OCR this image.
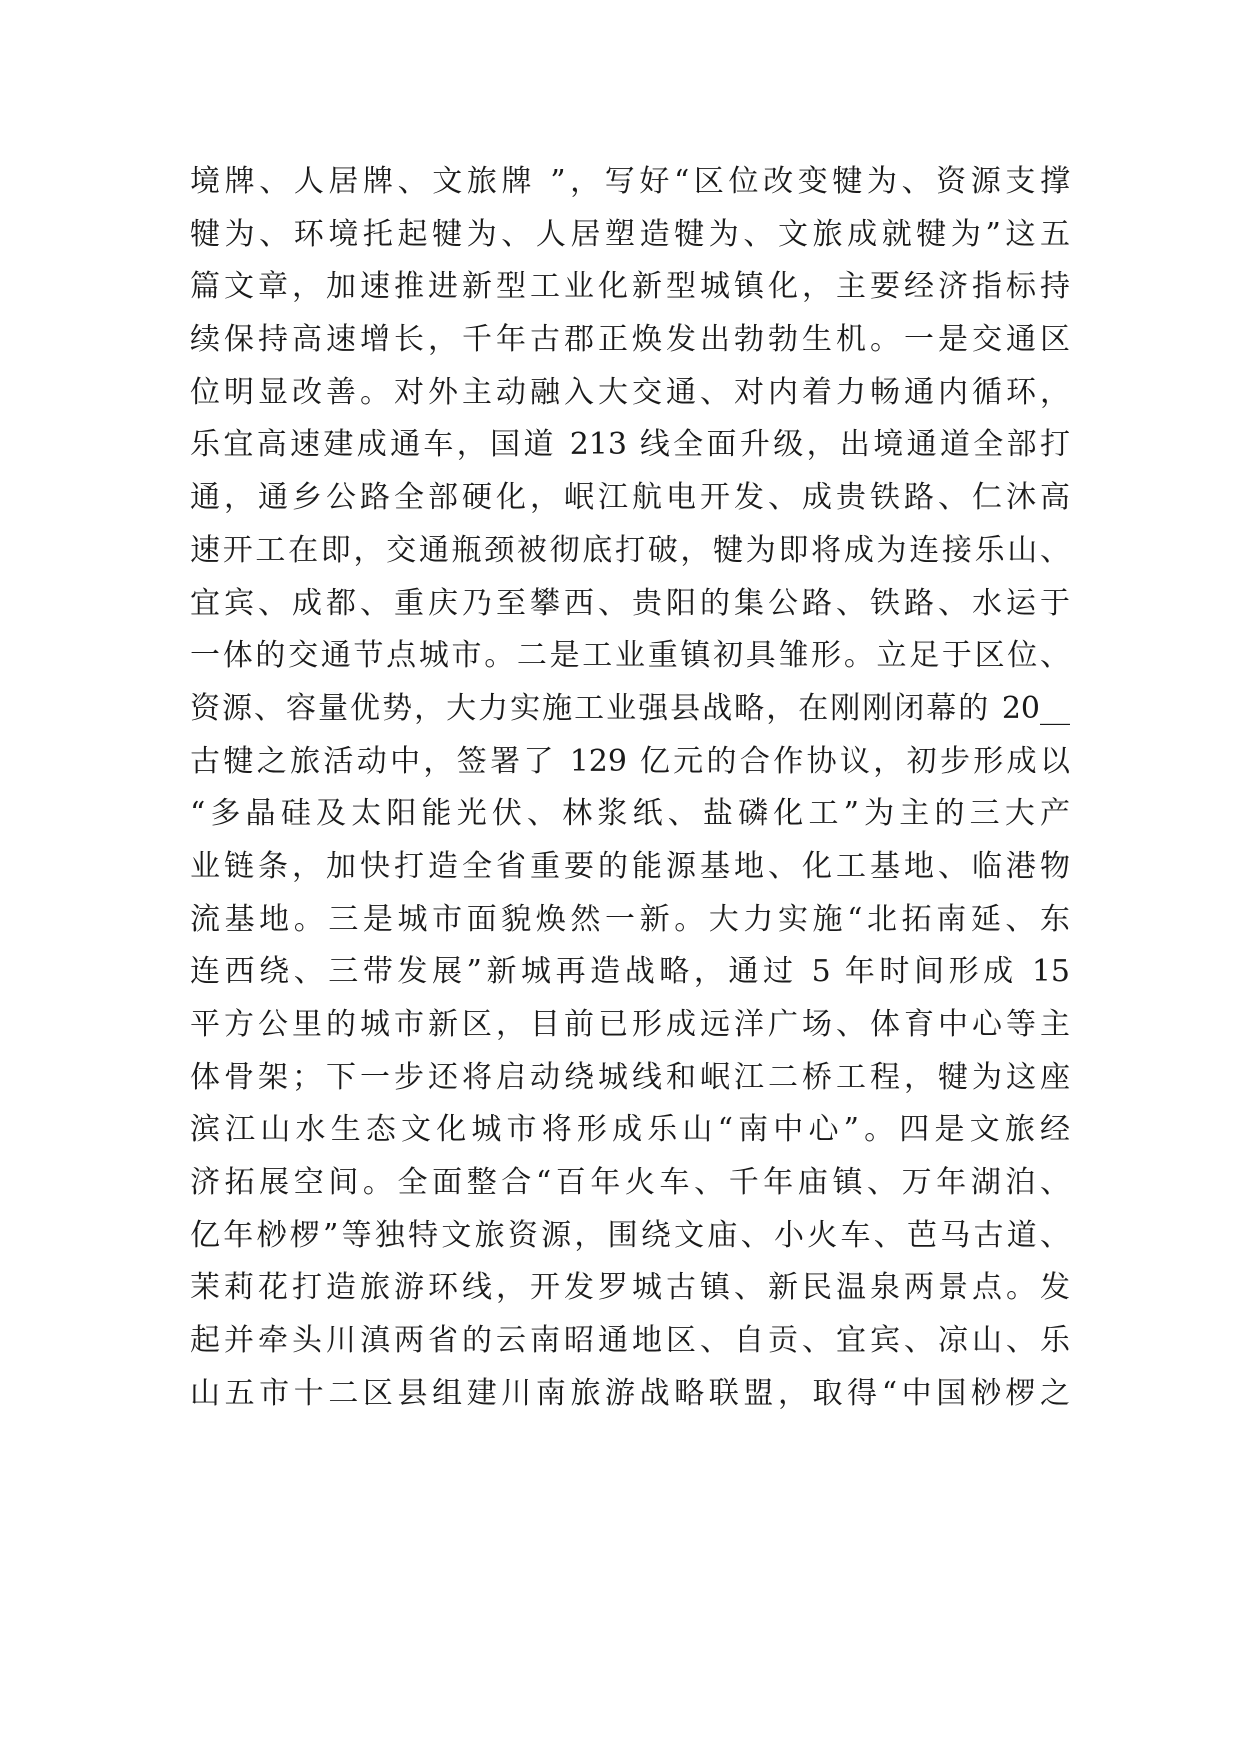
境牌、人居牌、文旅牌 ”，写好“区位改变犍为、资源支撑
犍为、环境托起犍为、人居塑造犍为、文旅成就犍为”这五
篇文章，加速推进新型工业化新型城镇化，主要经济指标持
续保持高速增长，千年古郡正焕发出勃勃生机。一是交通区
位明显改善。对外主动融入大交通、对内着力畅通内循环，
乐宜高速建成通车，国道 213 线全面升级，出境通道全部打
通，通乡公路全部硬化，岷江航电开发、成贵铁路、仁沐高
速开工在即，交通瓶颈被彻底打破，犍为即将成为连接乐山、
宜宾、成都、重庆乃至攀西、贵阳的集公路、铁路、水运于
一体的交通节点城市。二是工业重镇初具雏形。立足于区位、
资源、容量优势，大力实施工业强县战略，在刚刚闭幕的 20__
古犍之旅活动中，签署了 129 亿元的合作协议，初步形成以
“多晶硅及太阳能光伏、林浆纸、盐磷化工”为主的三大产
业链条，加快打造全省重要的能源基地、化工基地、临港物
流基地。三是城市面貌焕然一新。大力实施“北拓南延、东
连西绕、三带发展”新城再造战略，通过 5 年时间形成 15
平方公里的城市新区，目前已形成远洋广场、体育中心等主
体骨架；下一步还将启动绕城线和岷江二桥工程，犍为这座
滨江山水生态文化城市将形成乐山“南中心”。四是文旅经
济拓展空间。全面整合“百年火车、千年庙镇、万年湖泊、
亿年桫椤”等独特文旅资源，围绕文庙、小火车、芭马古道、
茉莉花打造旅游环线，开发罗城古镇、新民温泉两景点。发
起并牵头川滇两省的云南昭通地区、自贡、宜宾、凉山、乐
山五市十二区县组建川南旅游战略联盟，取得“中国桫椤之
